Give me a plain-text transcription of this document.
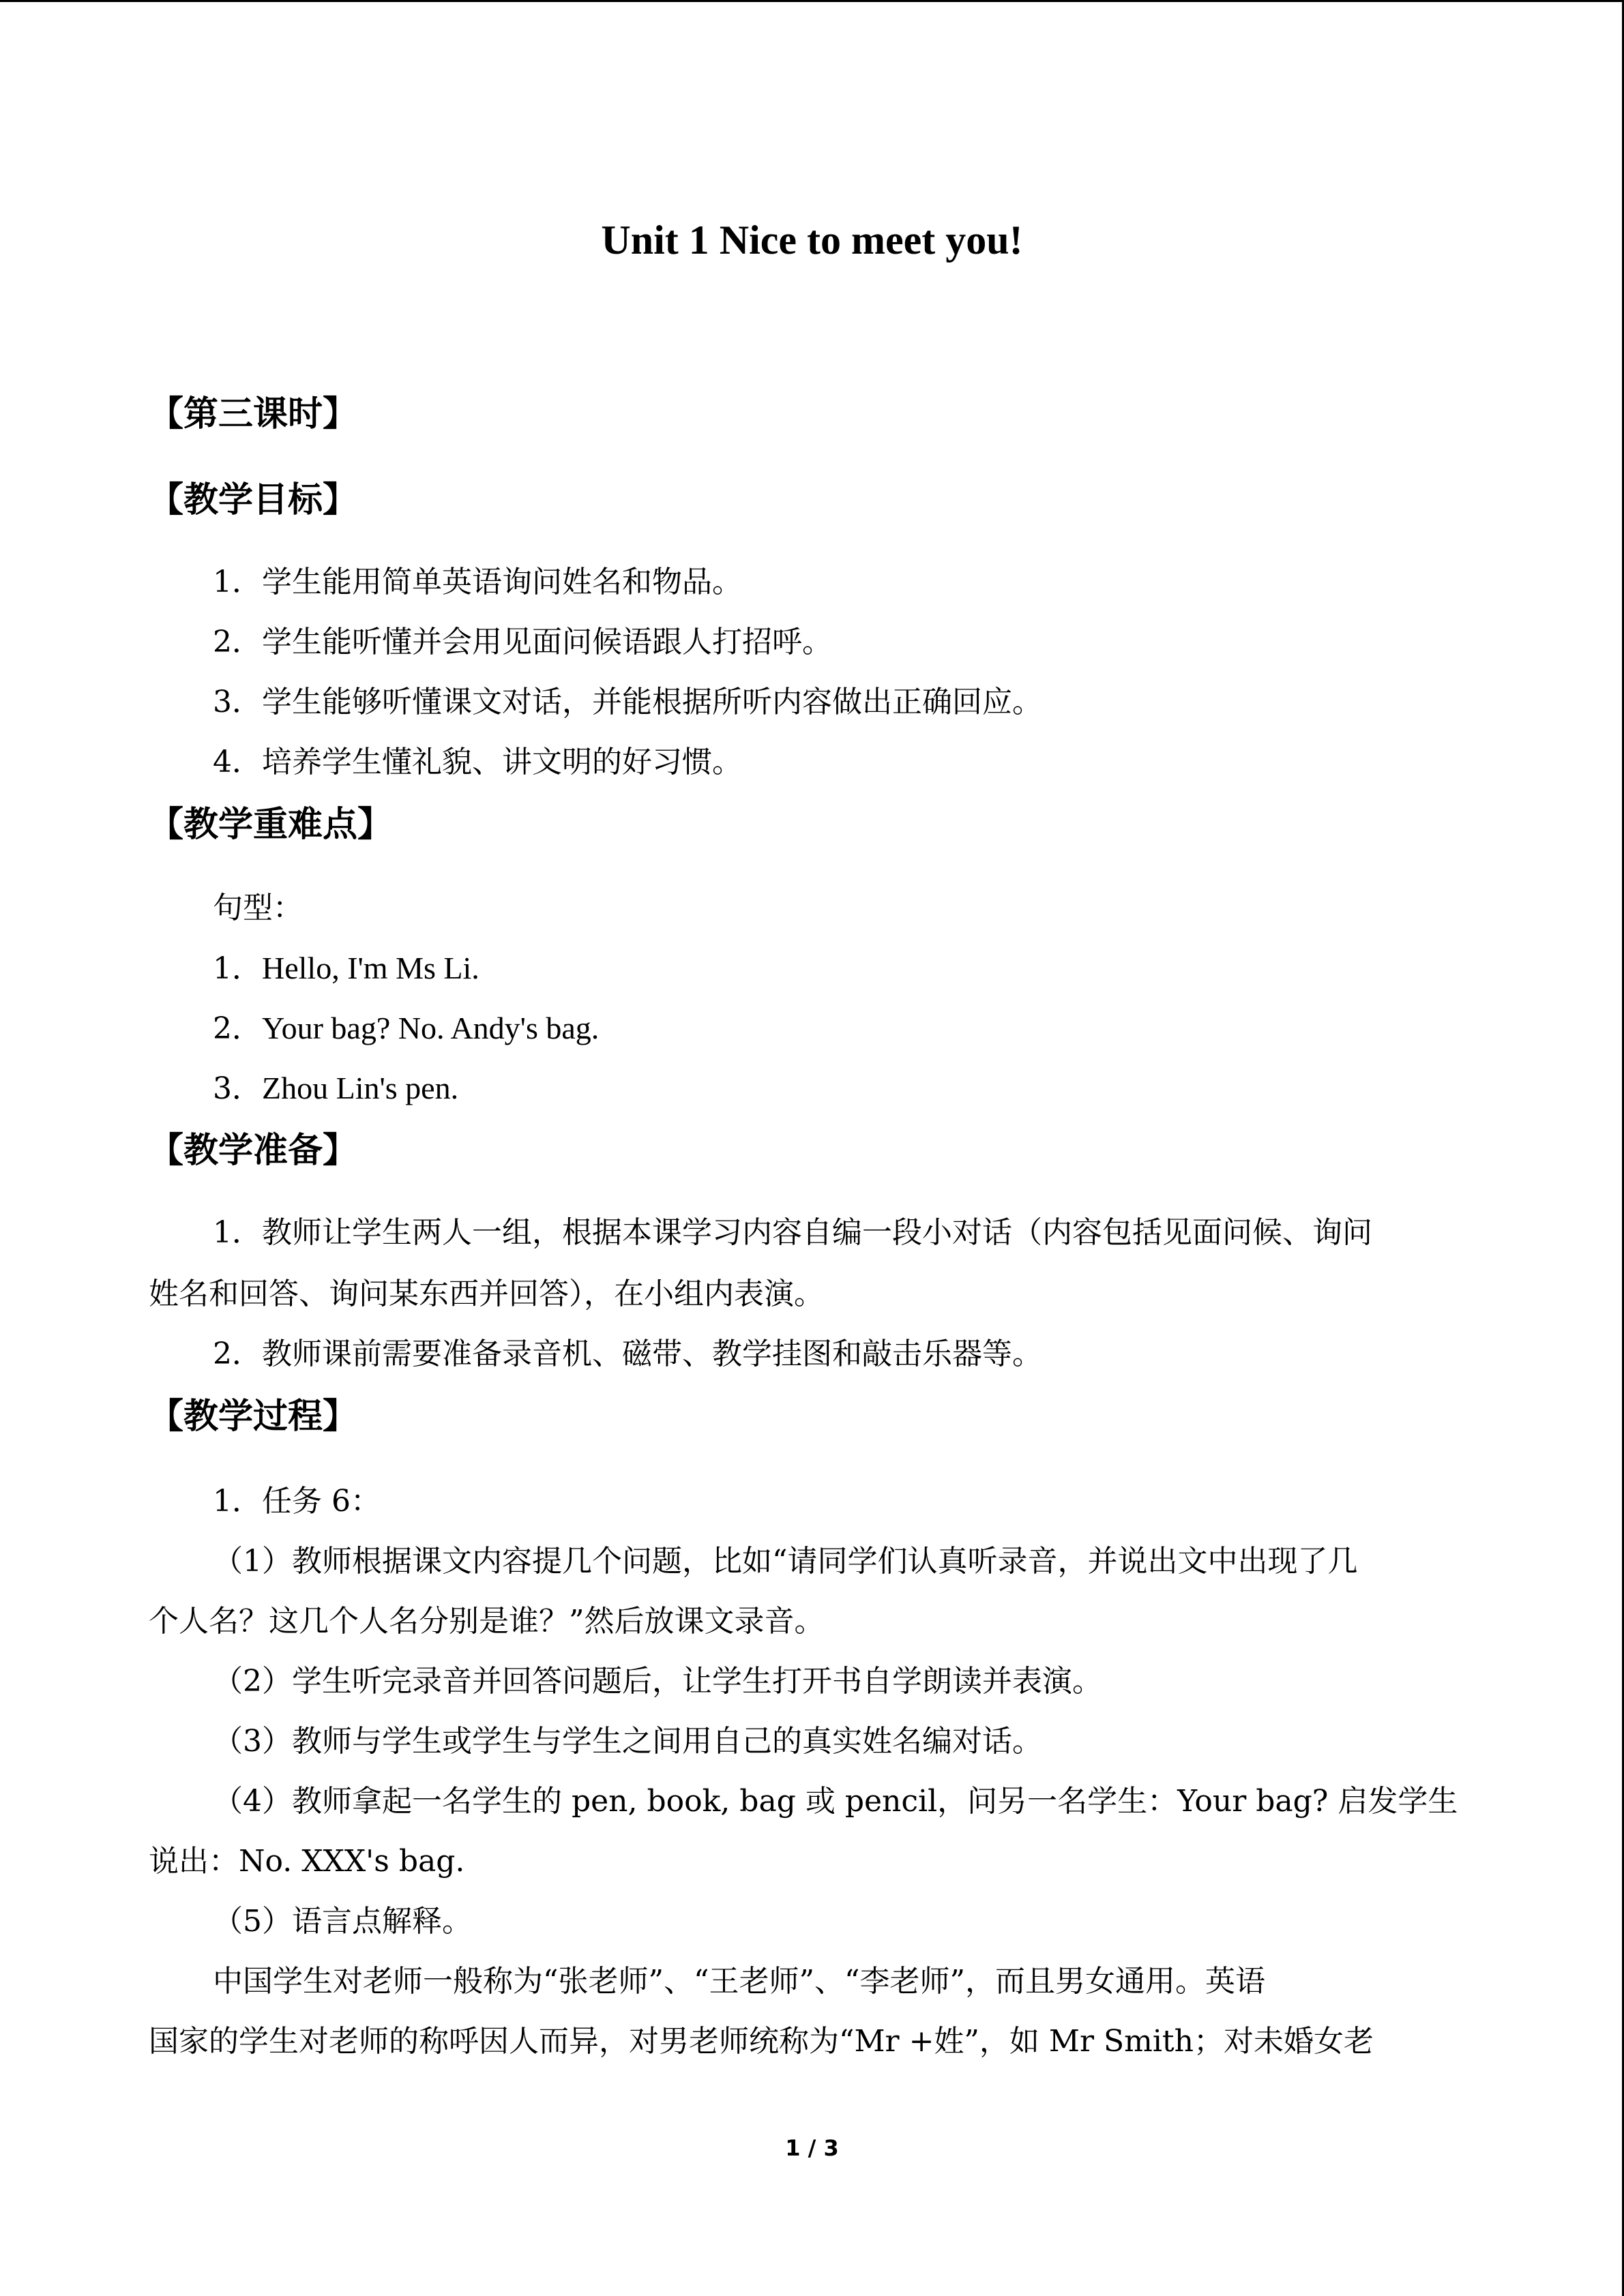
Unit 1 Nice to meet you!
【第三课时】
【教学目标】
1．学生能用简单英语询问姓名和物品。
2．学生能听懂并会用见面问候语跟人打招呼。
3．学生能够听懂课文对话，并能根据所听内容做出正确回应。
4．培养学生懂礼貌、讲文明的好习惯。
【教学重难点】
句型：
1．Hello, I'm Ms Li.
2．Your bag? No. Andy's bag.
3．Zhou Lin's pen.
【教学准备】
1．教师让学生两人一组，根据本课学习内容自编一段小对话（内容包括见面问候、询问
姓名和回答、询问某东西并回答），在小组内表演。
2．教师课前需要准备录音机、磁带、教学挂图和敲击乐器等。
【教学过程】
1．任务 6：
（1）教师根据课文内容提几个问题，比如“请同学们认真听录音，并说出文中出现了几
个人名？这几个人名分别是谁？”然后放课文录音。
（2）学生听完录音并回答问题后，让学生打开书自学朗读并表演。
（3）教师与学生或学生与学生之间用自己的真实姓名编对话。
（4）教师拿起一名学生的 pen, book, bag 或 pencil，问另一名学生：Your bag? 启发学生
说出：No. XXX's bag.
（5）语言点解释。
中国学生对老师一般称为“张老师”、“王老师”、“李老师”，而且男女通用。英语
国家的学生对老师的称呼因人而异，对男老师统称为“Mr +姓”，如 Mr Smith；对未婚女老
1 / 3
